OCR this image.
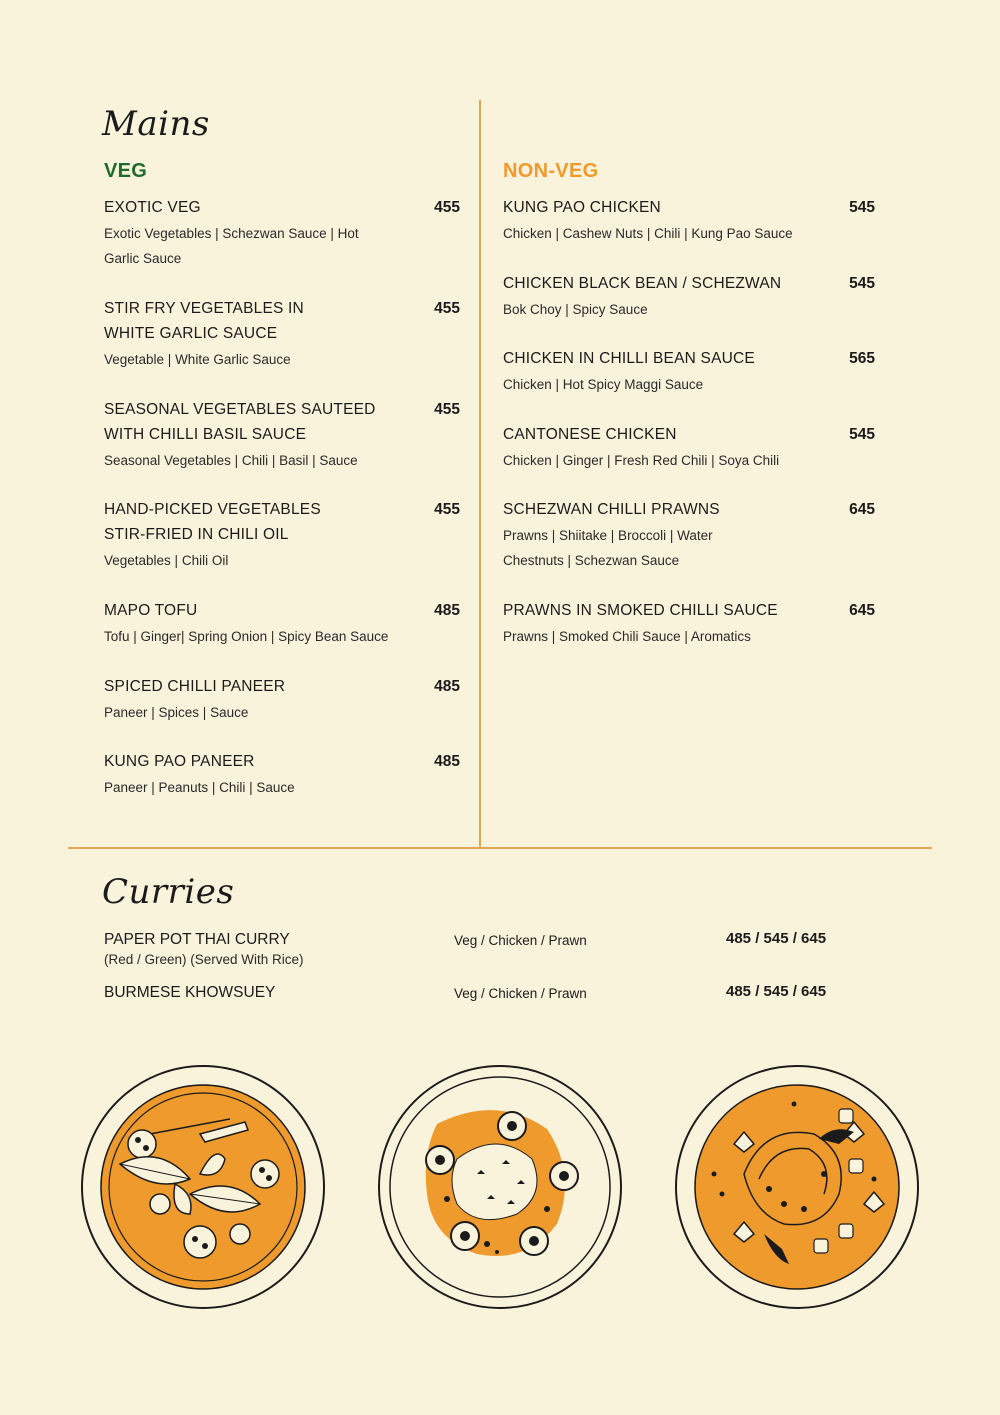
Mains
VEG	NON-VEG
EXOTIC VEG	455
Exotic Vegetables | Schezwan Sauce | Hot Garlic Sauce
STIR FRY VEGETABLES IN WHITE GARLIC SAUCE
455
Vegetable | White Garlic Sauce
SEASONAL VEGETABLES SAUTEED WITH CHILLI BASIL SAUCE
455
Seasonal Vegetables | Chili | Basil | Sauce
HAND-PICKED VEGETABLES STIR-FRIED IN CHILI OIL
455
Vegetables | Chili Oil
MAPO TOFU	485
Tofu | Ginger| Spring Onion | Spicy Bean Sauce
SPICED CHILLI PANEER	485
Paneer | Spices | Sauce
KUNG PAO PANEER	485
Paneer | Peanuts | Chili | Sauce
KUNG PAO CHICKEN	545
Chicken | Cashew Nuts | Chili | Kung Pao Sauce
CHICKEN BLACK BEAN / SCHEZWAN	545
Bok Choy | Spicy Sauce
CHICKEN IN CHILLI BEAN SAUCE	565
Chicken | Hot Spicy Maggi Sauce
CANTONESE CHICKEN	545
Chicken | Ginger | Fresh Red Chili | Soya Chili
SCHEZWAN CHILLI PRAWNS	645
Prawns | Shiitake | Broccoli | Water Chestnuts | Schezwan Sauce
PRAWNS IN SMOKED CHILLI SAUCE	645
Prawns | Smoked Chili Sauce | Aromatics
Curries
PAPER POT THAI CURRY
(Red / Green) (Served With Rice)
Veg / Chicken / Prawn	485 / 545 / 645
BURMESE KHOWSUEY	Veg / Chicken / Prawn	485 / 545 / 645
